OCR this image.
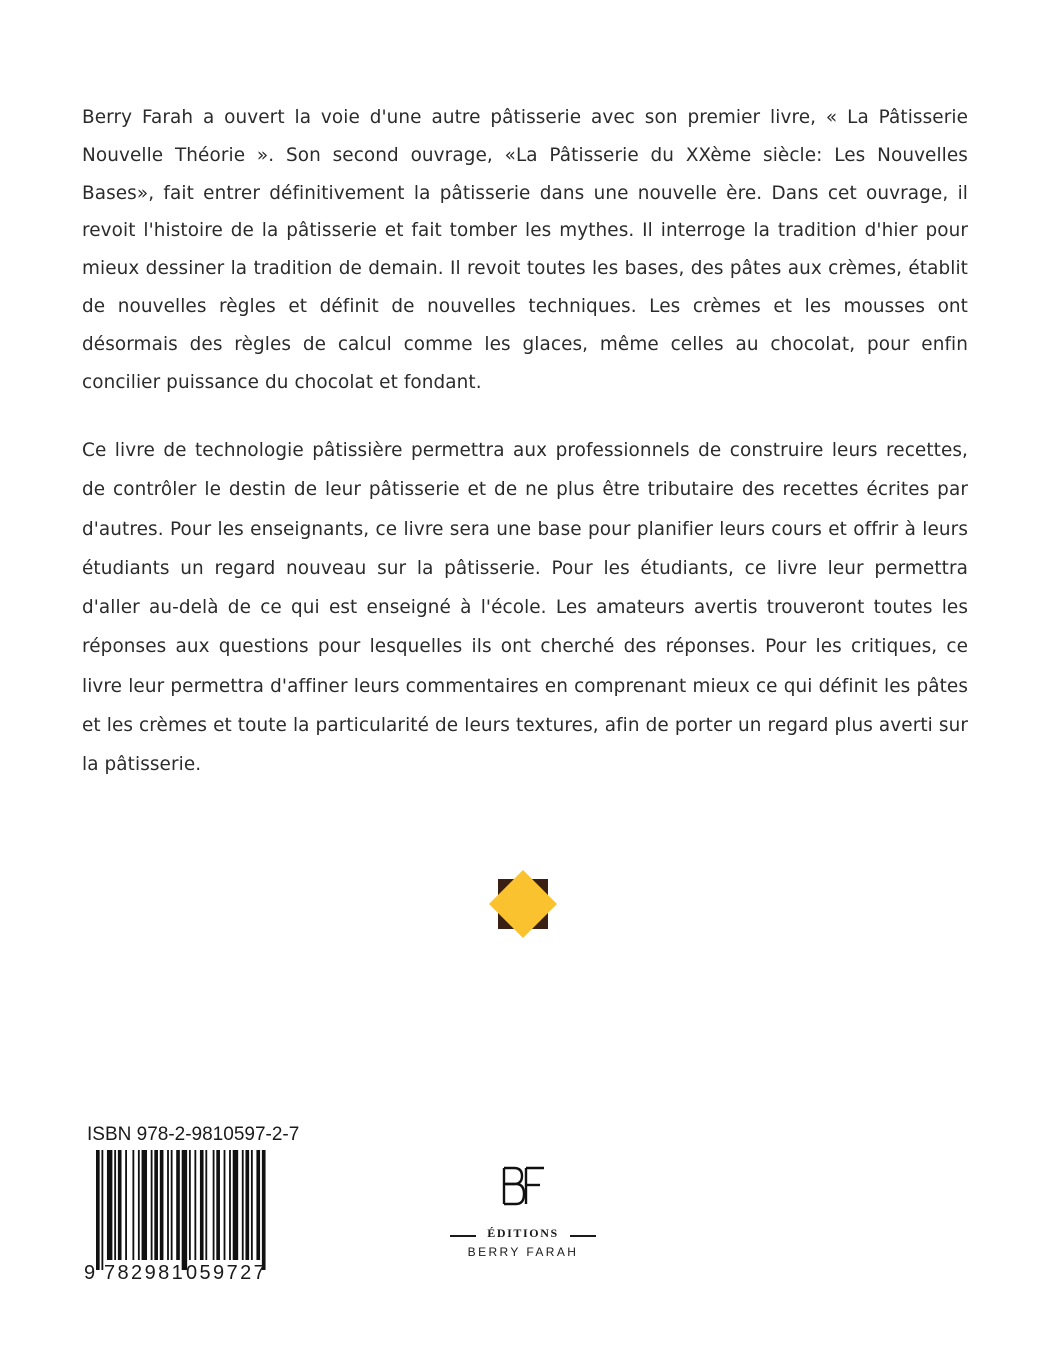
Berry Farah a ouvert la voie d'une autre pâtisserie avec son premier livre, « La Pâtisserie Nouvelle Théorie ». Son second ouvrage, «La Pâtisserie du XXème siècle: Les Nouvelles Bases», fait entrer définitivement la pâtisserie dans une nouvelle ère. Dans cet ouvrage, il revoit l'histoire de la pâtisserie et fait tomber les mythes. Il interroge la tradition d'hier pour mieux dessiner la tradition de demain. Il revoit toutes les bases, des pâtes aux crèmes, établit de nouvelles règles et définit de nouvelles techniques. Les crèmes et les mousses ont désormais des règles de calcul comme les glaces, même celles au chocolat, pour enfin concilier puissance du chocolat et fondant.

Ce livre de technologie pâtissière permettra aux professionnels de construire leurs recettes, de contrôler le destin de leur pâtisserie et de ne plus être tributaire des recettes écrites par d'autres. Pour les enseignants, ce livre sera une base pour planifier leurs cours et offrir à leurs étudiants un regard nouveau sur la pâtisserie. Pour les étudiants, ce livre leur permettra d'aller au-delà de ce qui est enseigné à l'école. Les amateurs avertis trouveront toutes les réponses aux questions pour lesquelles ils ont cherché des réponses. Pour les critiques, ce livre leur permettra d'affiner leurs commentaires en comprenant mieux ce qui définit les pâtes et les crèmes et toute la particularité de leurs textures, afin de porter un regard plus averti sur la pâtisserie.

ISBN 978-2-9810597-2-7
9 782981 059727
ÉDITIONS
BERRY FARAH
